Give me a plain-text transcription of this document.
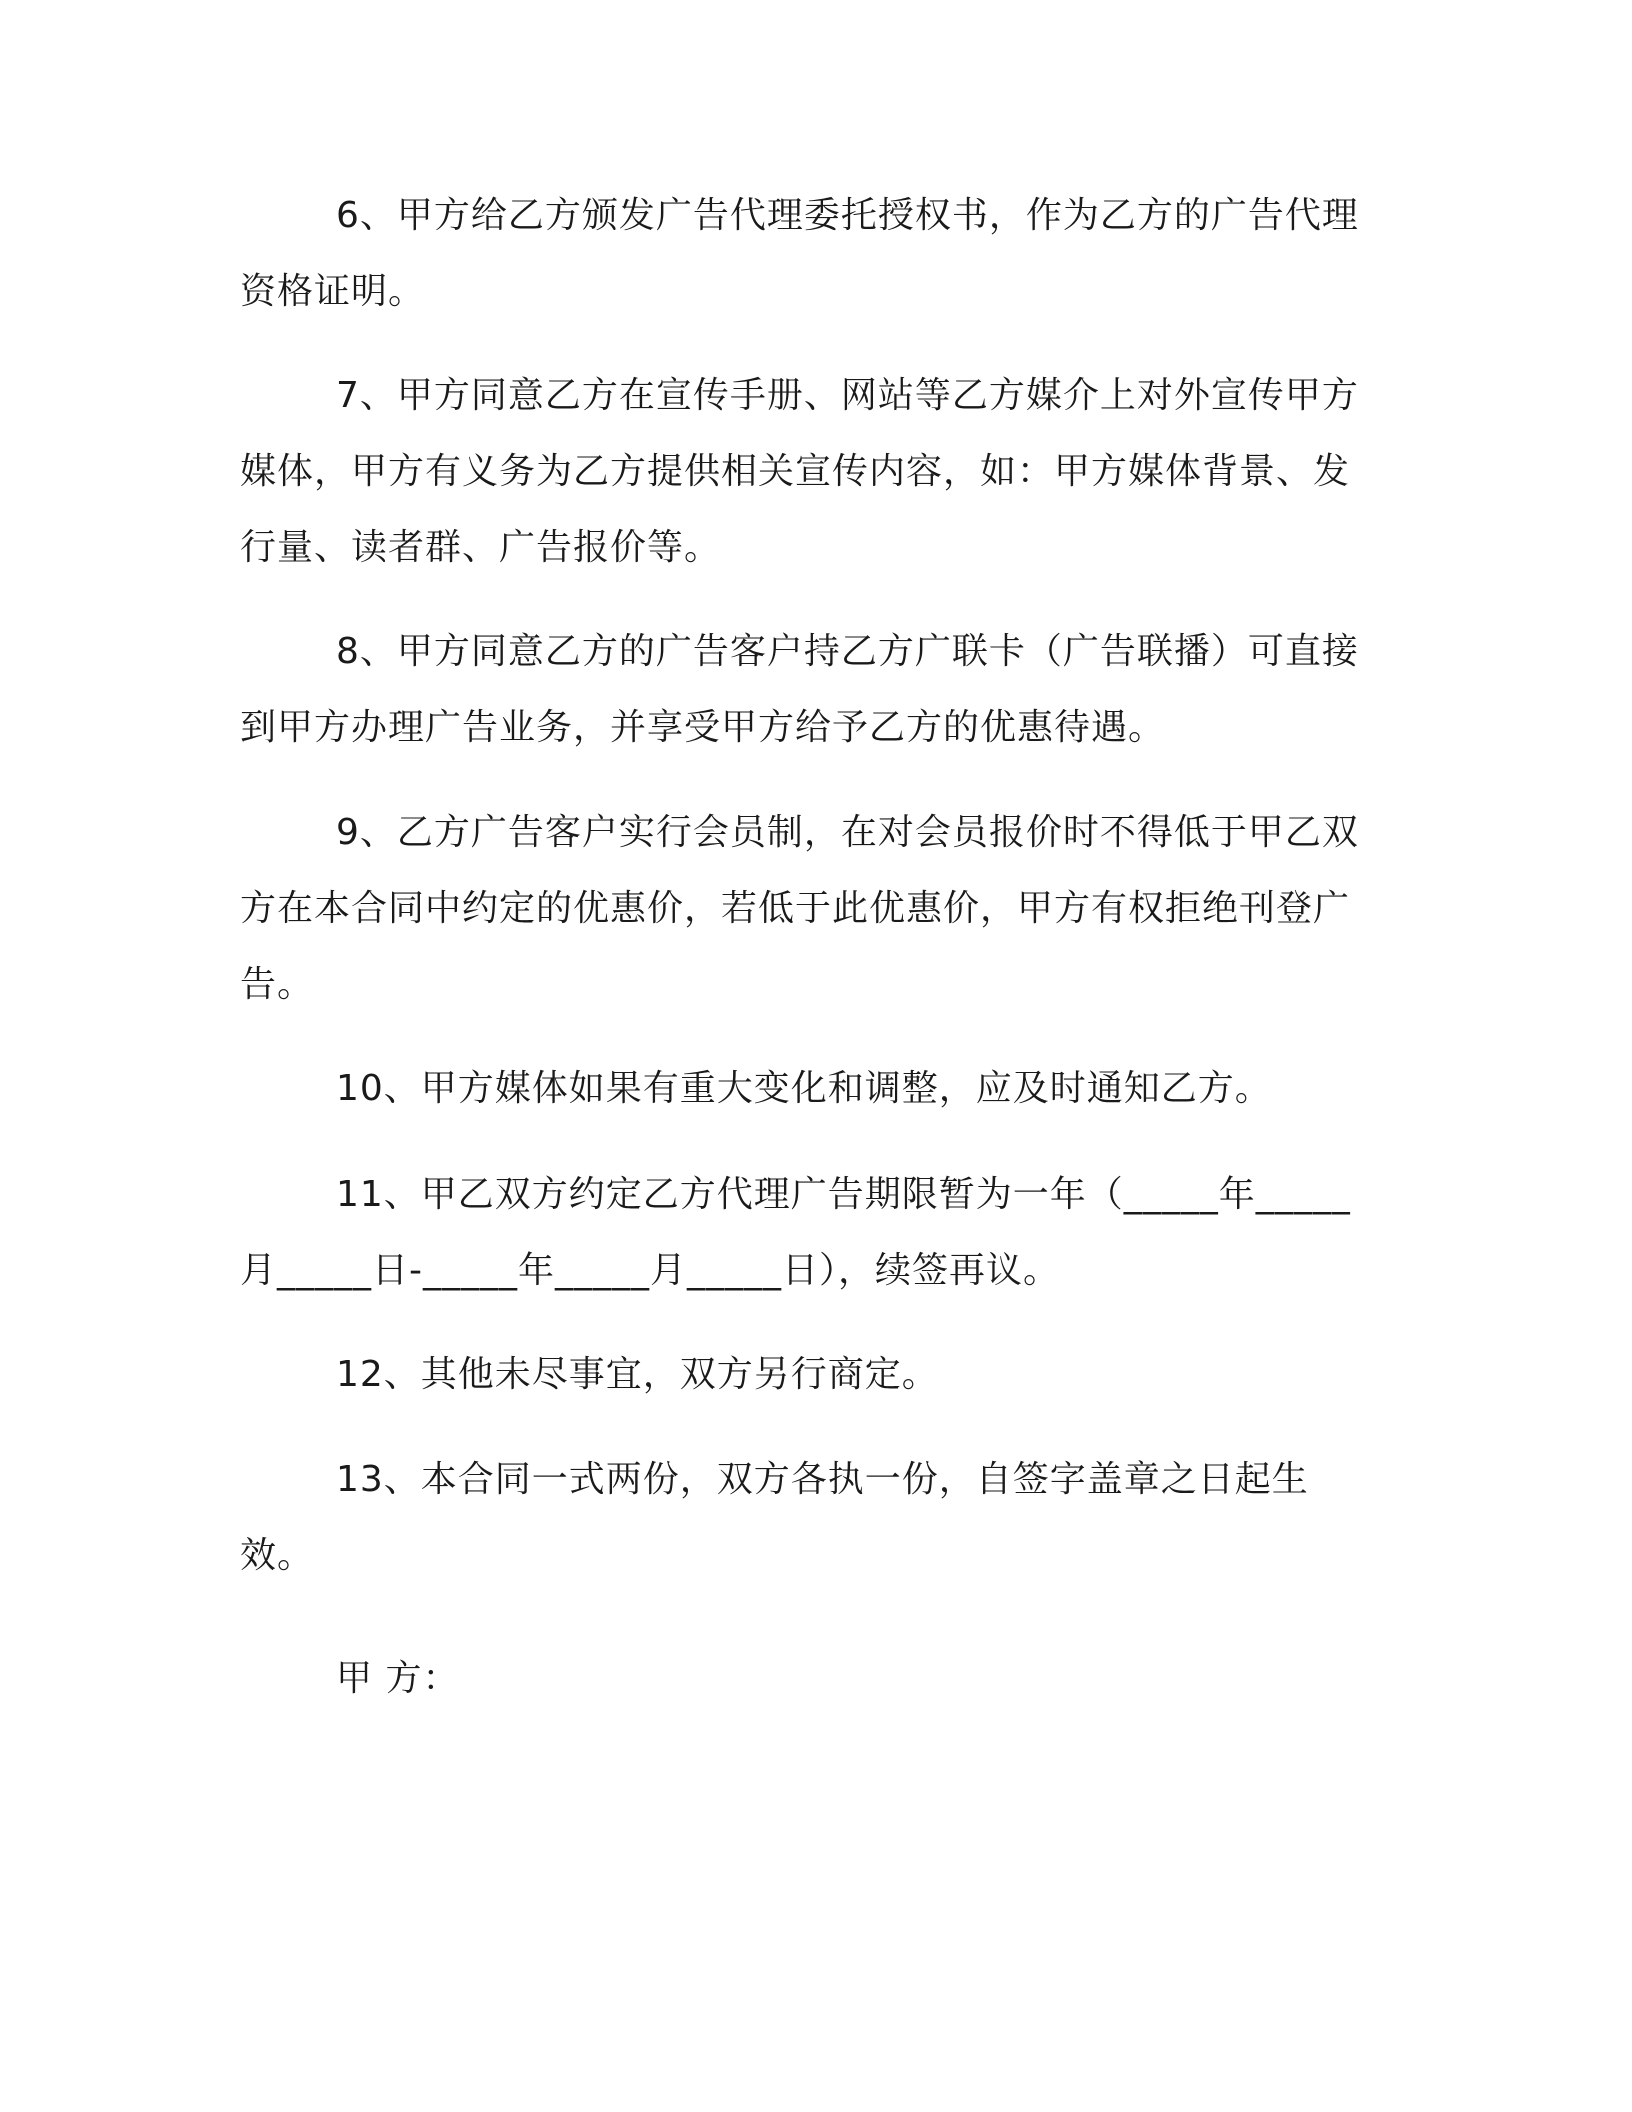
6、甲方给乙方颁发广告代理委托授权书，作为乙方的广告代理资格证明。

7、甲方同意乙方在宣传手册、网站等乙方媒介上对外宣传甲方媒体，甲方有义务为乙方提供相关宣传内容，如：甲方媒体背景、发行量、读者群、广告报价等。

8、甲方同意乙方的广告客户持乙方广联卡（广告联播）可直接到甲方办理广告业务，并享受甲方给予乙方的优惠待遇。

9、乙方广告客户实行会员制，在对会员报价时不得低于甲乙双方在本合同中约定的优惠价，若低于此优惠价，甲方有权拒绝刊登广告。

10、甲方媒体如果有重大变化和调整，应及时通知乙方。

11、甲乙双方约定乙方代理广告期限暂为一年（_____年_____月_____日-_____年_____月_____日），续签再议。

12、其他未尽事宜，双方另行商定。

13、本合同一式两份，双方各执一份，自签字盖章之日起生效。

甲 方：
